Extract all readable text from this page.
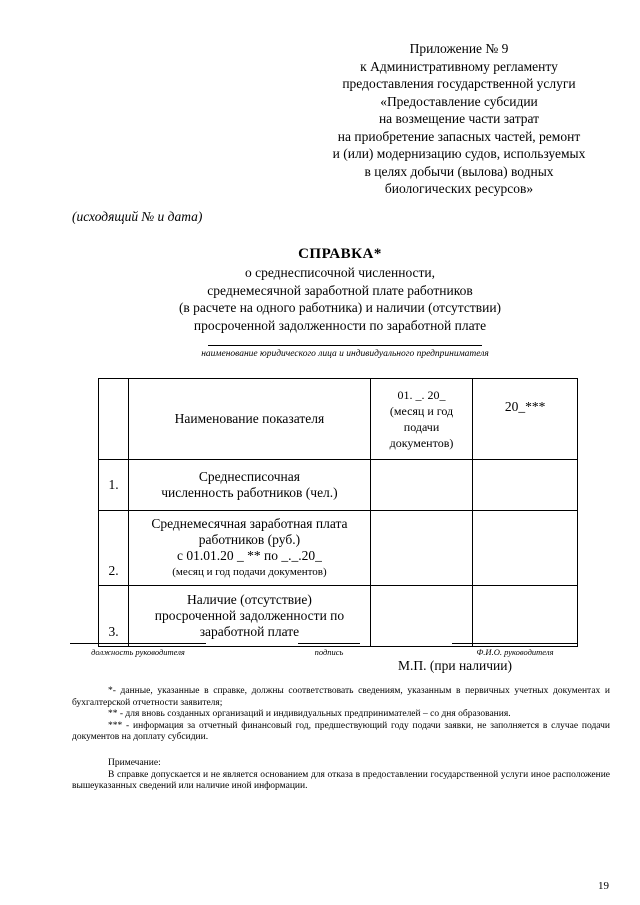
Приложение № 9
к Административному регламенту
предоставления государственной услуги
«Предоставление субсидии
на возмещение части затрат
на приобретение запасных частей, ремонт
и (или) модернизацию судов, используемых
в целях добычи (вылова) водных
биологических ресурсов»
(исходящий № и дата)
СПРАВКА*
о среднесписочной численности,
среднемесячной заработной плате работников
(в расчете на одного работника) и наличии (отсутствии)
просроченной задолженности по заработной плате
наименование юридического лица и индивидуального предпринимателя
	Наименование показателя	01. _. 20_
(месяц и год
подачи
документов)	20_***
1.	Среднесписочная
численность работников (чел.)		

2.	Среднемесячная заработная плата
работников (руб.)
с 01.01.20 _ ** по _._.20_
(месяц и год подачи документов)		

3.	Наличие (отсутствие)
просроченной задолженности по
заработной плате		

должность руководителя	подпись	Ф.И.О. руководителя
М.П. (при наличии)

*- данные, указанные в справке, должны соответствовать сведениям, указанным в первичных учетных документах и бухгалтерской отчетности заявителя;

** - для вновь созданных организаций и индивидуальных предпринимателей – со дня образования.

*** - информация за отчетный финансовый год, предшествующий году подачи заявки, не заполняется в случае подачи документов на доплату субсидии.

Примечание:

В справке допускается и не является основанием для отказа в предоставлении государственной услуги иное расположение вышеуказанных сведений или наличие иной информации.

19
